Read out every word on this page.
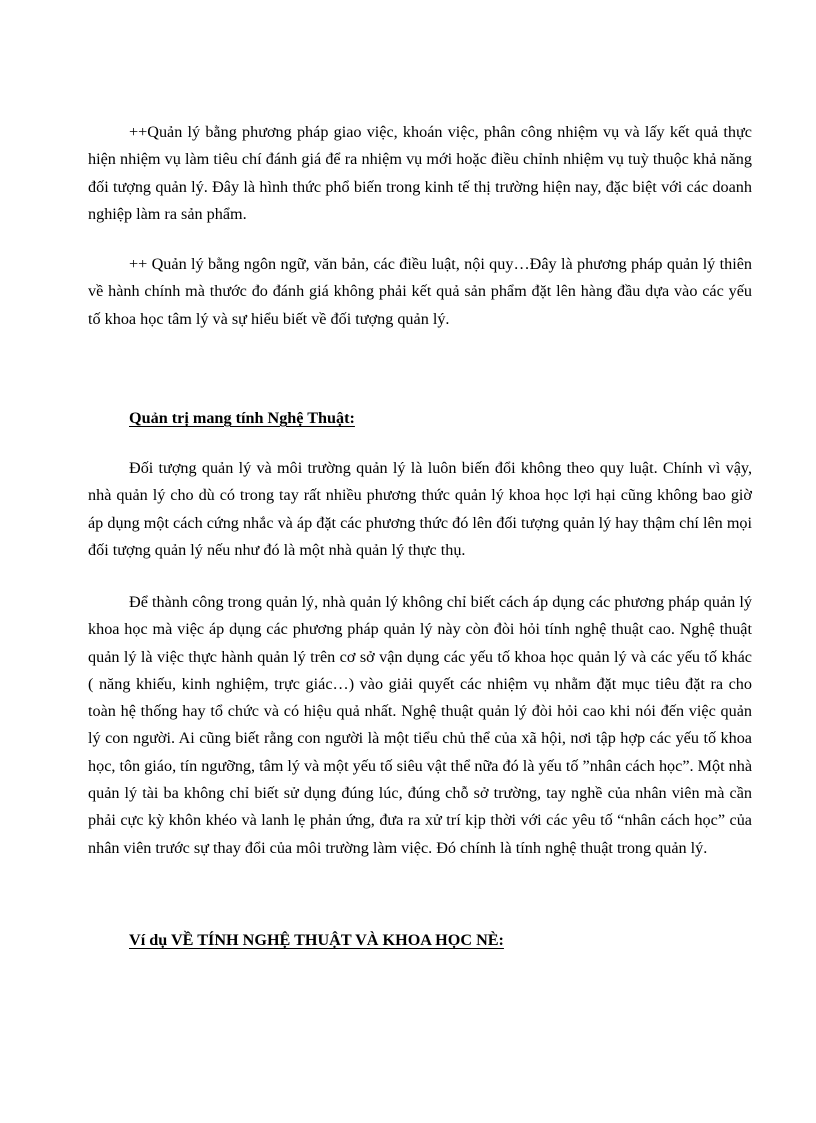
++Quản lý bằng phương pháp giao việc, khoán việc, phân công nhiệm vụ và lấy kết quả thực hiện nhiệm vụ làm tiêu chí đánh giá để ra nhiệm vụ mới hoặc điều chỉnh nhiệm vụ tuỳ thuộc khả năng đối tượng quản lý. Đây là hình thức phổ biến trong kinh tế thị trường hiện nay, đặc biệt với các doanh nghiệp làm ra sản phẩm.

++ Quản lý bằng ngôn ngữ, văn bản, các điều luật, nội quy…Đây là phương pháp quản lý thiên về hành chính mà thước đo đánh giá không phải kết quả sản phẩm đặt lên hàng đầu dựa vào các yếu tố khoa học tâm lý và sự hiểu biết về đối tượng quản lý.

Quản trị mang tính Nghệ Thuật:

Đối tượng quản lý và môi trường quản lý là luôn biến đổi không theo quy luật. Chính vì vậy, nhà quản lý cho dù có trong tay rất nhiều phương thức quản lý khoa học lợi hại cũng không bao giờ áp dụng một cách cứng nhắc và áp đặt các phương thức đó lên đối tượng quản lý hay thậm chí lên mọi đối tượng quản lý nếu như đó là một nhà quản lý thực thụ.

Để thành công trong quản lý, nhà quản lý không chỉ biết cách áp dụng các phương pháp quản lý khoa học mà việc áp dụng các phương pháp quản lý này còn đòi hỏi tính nghệ thuật cao. Nghệ thuật quản lý là việc thực hành quản lý trên cơ sở vận dụng các yếu tố khoa học quản lý và các yếu tố khác ( năng khiếu, kinh nghiệm, trực giác…) vào giải quyết các nhiệm vụ nhằm đặt mục tiêu đặt ra cho toàn hệ thống hay tổ chức và có hiệu quả nhất. Nghệ thuật quản lý đòi hỏi cao khi nói đến việc quản lý con người. Ai cũng biết rằng con người là một tiểu chủ thể của xã hội, nơi tập hợp các yếu tố khoa học, tôn giáo, tín ngưỡng, tâm lý và một yếu tố siêu vật thể nữa đó là yếu tố ”nhân cách học”. Một nhà quản lý tài ba không chỉ biết sử dụng đúng lúc, đúng chỗ sở trường, tay nghề của nhân viên mà cần phải cực kỳ khôn khéo và lanh lẹ phản ứng, đưa ra xử trí kịp thời với các yêu tố “nhân cách học” của nhân viên trước sự thay đổi của môi trường làm việc. Đó chính là tính nghệ thuật trong quản lý.

Ví dụ VỀ TÍNH NGHỆ THUẬT VÀ KHOA HỌC NÈ:
